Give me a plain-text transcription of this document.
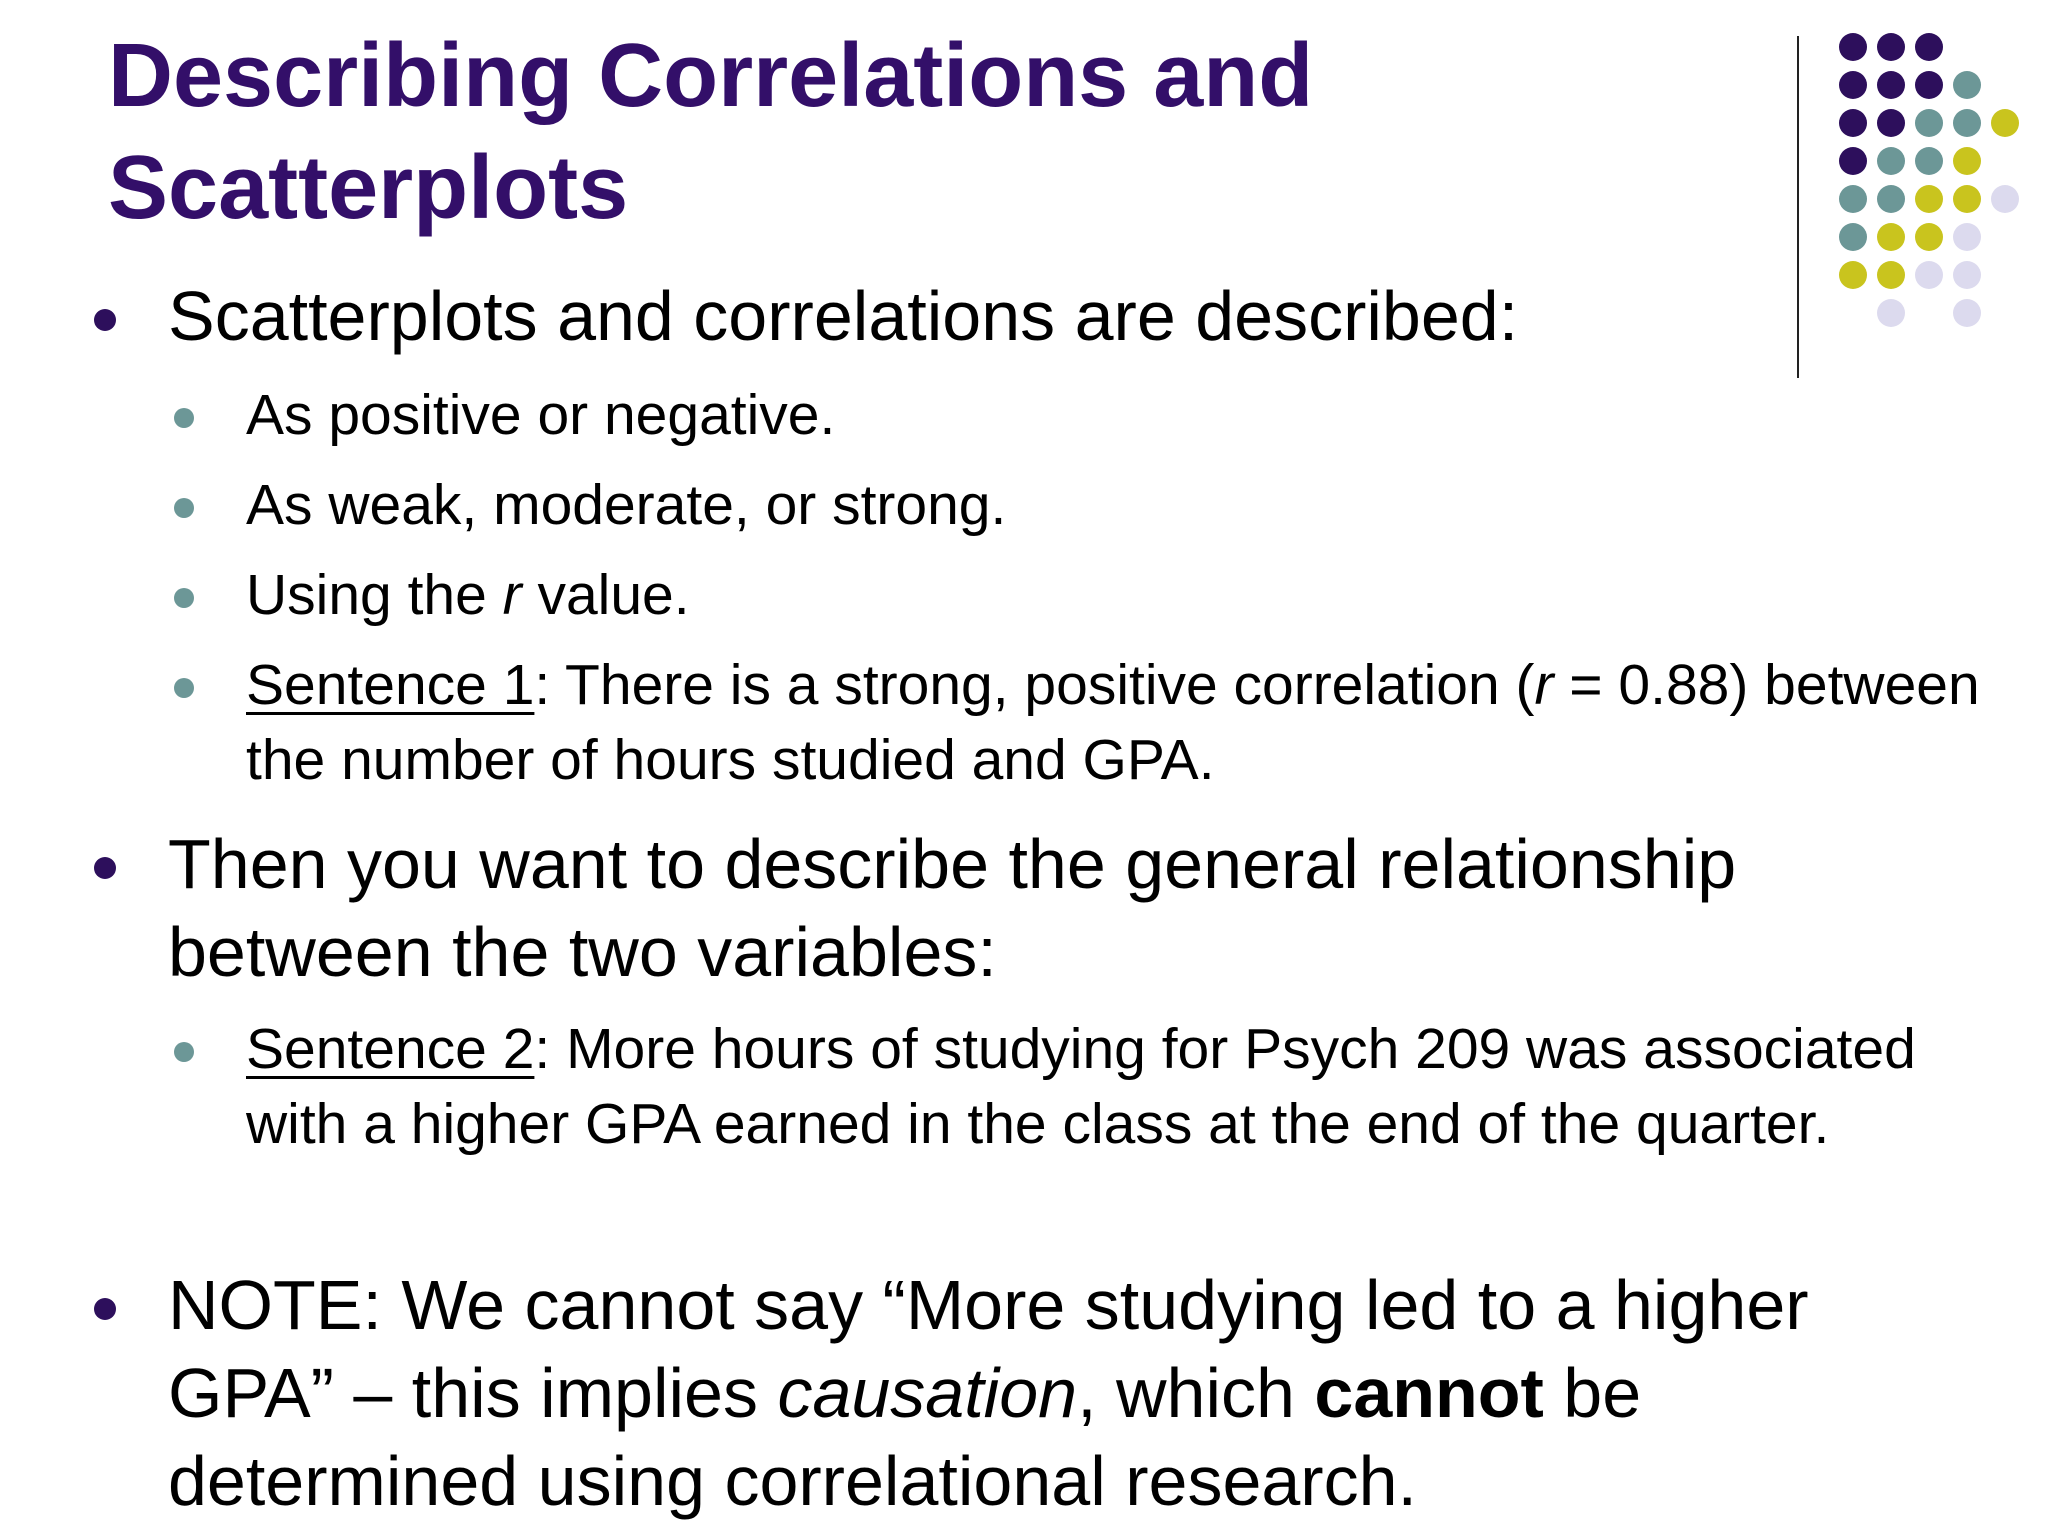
Describing Correlations and Scatterplots
Scatterplots and correlations are described:
As positive or negative.
As weak, moderate, or strong.
Using the r value.
Sentence 1: There is a strong, positive correlation (r = 0.88) between the number of hours studied and GPA.
Then you want to describe the general relationship between the two variables:
Sentence 2: More hours of studying for Psych 209 was associated with a higher GPA earned in the class at the end of the quarter.
NOTE: We cannot say “More studying led to a higher GPA” – this implies causation, which cannot be determined using correlational research.
